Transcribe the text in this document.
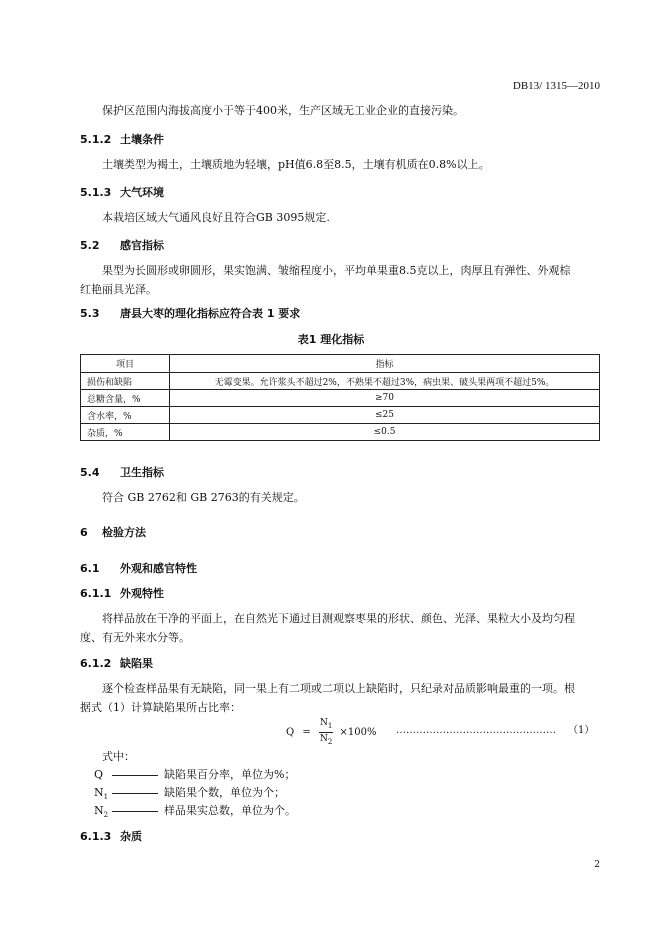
DB13/ 1315—2010
保护区范围内海拔高度小于等于400米，生产区域无工业企业的直接污染。
5.1.2 土壤条件
土壤类型为褐土，土壤质地为轻壤，pH值6.8至8.5，土壤有机质在0.8%以上。
5.1.3 大气环境
本栽培区域大气通风良好且符合GB 3095规定.
5.2 感官指标
果型为长圆形或卵圆形，果实饱满、皱缩程度小，平均单果重8.5克以上，肉厚且有弹性、外观棕
红艳丽具光泽。
5.3 唐县大枣的理化指标应符合表 1 要求
表1 理化指标
项目	指标
损伤和缺陷	无霉变果。允许浆头不超过2%，不熟果不超过3%，病虫果、破头果两项不超过5%。
总糖含量，%	≥70
含水率，%	≤25
杂质，%	≤0.5
5.4 卫生指标
符合 GB 2762和 GB 2763的有关规定。
6 检验方法
6.1 外观和感官特性
6.1.1 外观特性
将样品放在干净的平面上，在自然光下通过目测观察枣果的形状、颜色、光泽、果粒大小及均匀程
度、有无外来水分等。
6.1.2 缺陷果
逐个检查样品果有无缺陷，同一果上有二项或二项以上缺陷时，只纪录对品质影响最重的一项。根
据式（1）计算缺陷果所占比率：
$Q = \frac{N_1}{N_2} \times 100\%$ ………………………………………… （1）
式中：
Q	缺陷果百分率，单位为%；
$N_1$	缺陷果个数，单位为个；
$N_2$	样品果实总数，单位为个。
6.1.3 杂质
2
